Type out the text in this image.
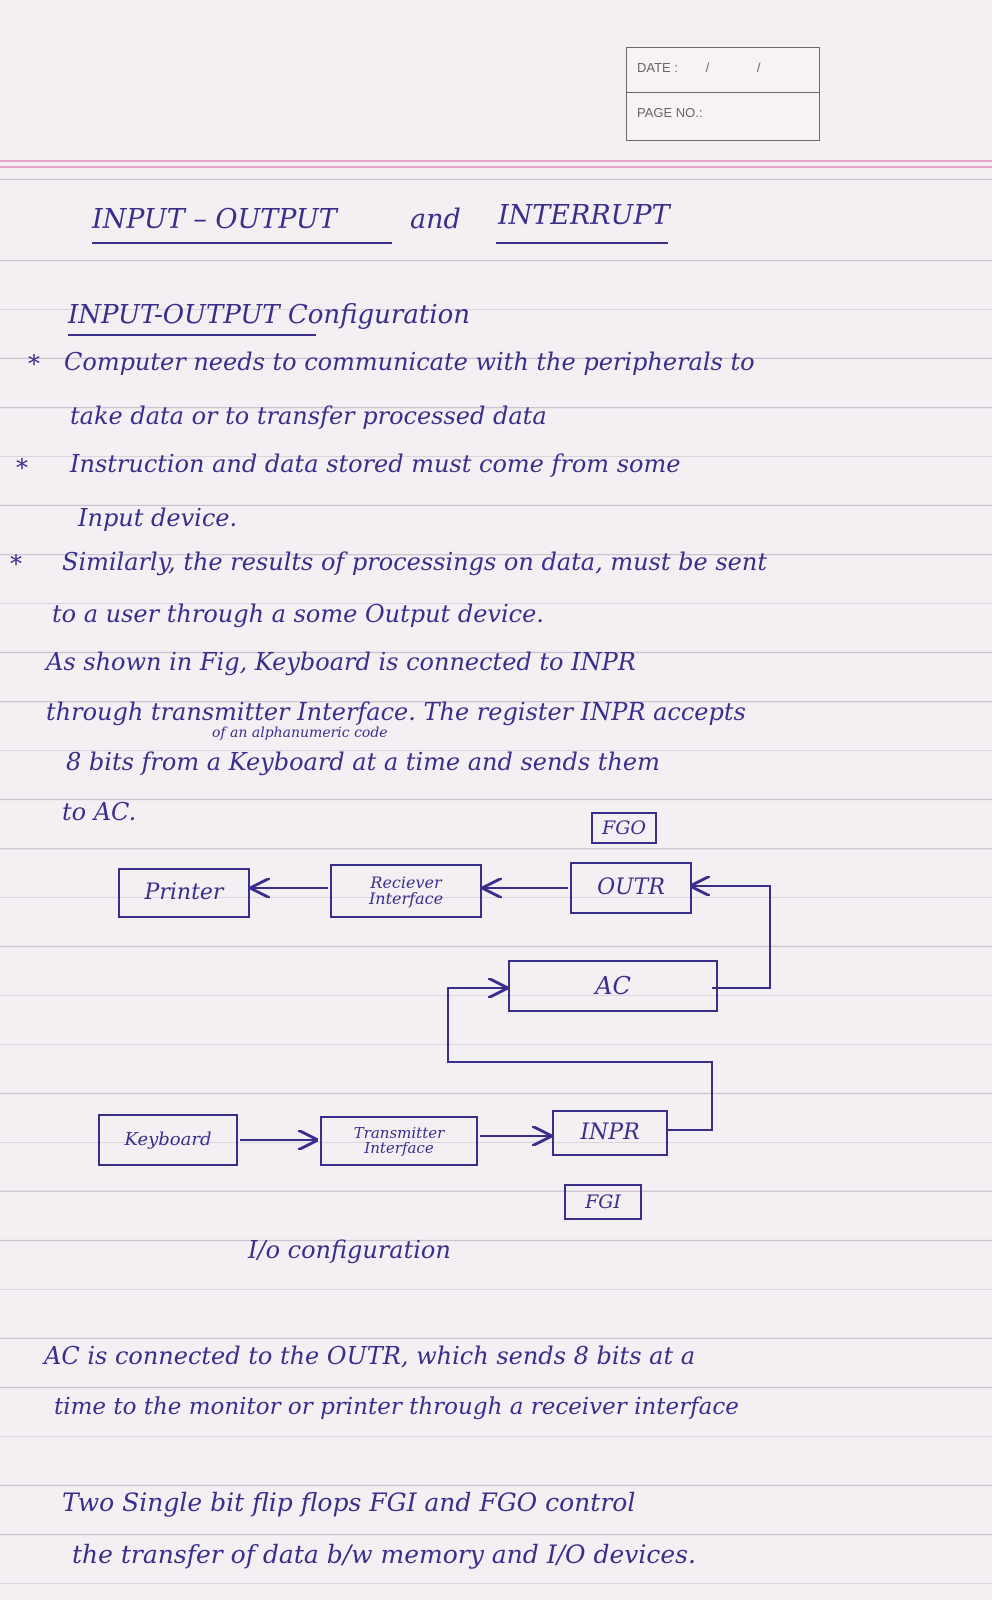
DATE : /	/
PAGE NO.:
INPUT – OUTPUT	and INTERRUPT
INPUT-OUTPUT Configuration
* Computer needs to communicate with the peripherals to
take data or to transfer processed data
* Instruction and data stored must come from some
Input device.
* Similarly, the results of processings on data, must be sent
to a user through a some Output device.
As shown in Fig, Keyboard is connected to INPR
through transmitter Interface. The register INPR accepts
of an alphanumeric code
8 bits from a Keyboard at a time and sends them
to AC.
FGO
Printer	Reciever
Interface	OUTR
AC
Keyboard	Transmitter
Interface
INPR
FGI
I/o configuration
AC is connected to the OUTR, which sends 8 bits at a
time to the monitor or printer through a receiver interface
Two Single bit flip flops FGI and FGO control
the transfer of data b/w memory and I/O devices.
